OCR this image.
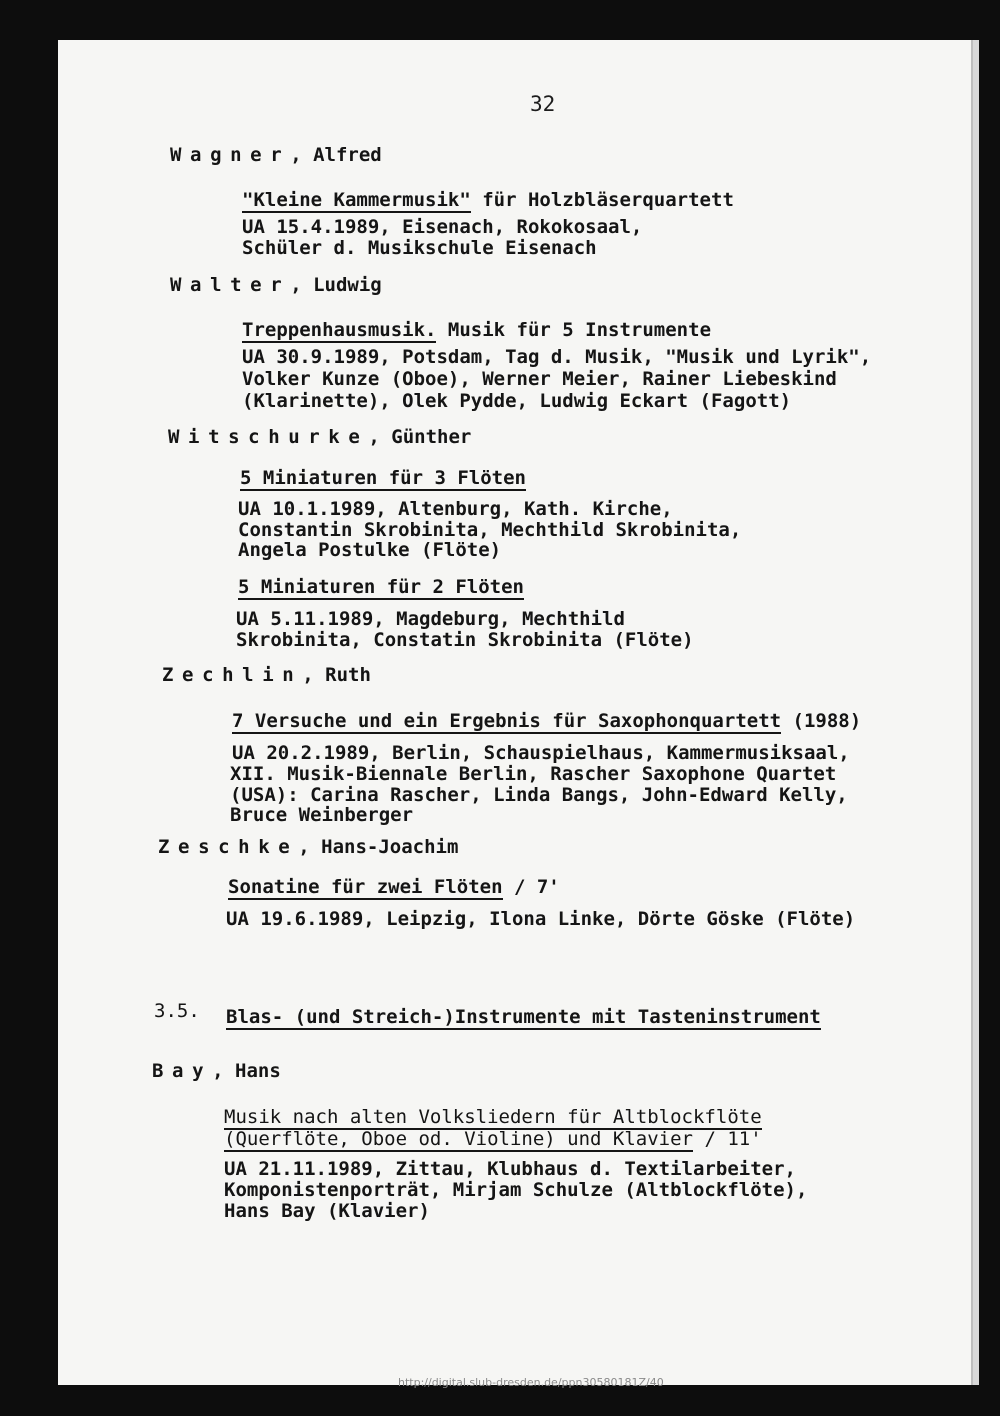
32
Wagner, Alfred
"Kleine Kammermusik" für Holzbläserquartett
UA 15.4.1989, Eisenach, Rokokosaal,
Schüler d. Musikschule Eisenach
Walter, Ludwig
Treppenhausmusik. Musik für 5 Instrumente
UA 30.9.1989, Potsdam, Tag d. Musik, "Musik und Lyrik",
Volker Kunze (Oboe), Werner Meier, Rainer Liebeskind
(Klarinette), Olek Pydde, Ludwig Eckart (Fagott)
Witschurke, Günther
5 Miniaturen für 3 Flöten
UA 10.1.1989, Altenburg, Kath. Kirche,
Constantin Skrobinita, Mechthild Skrobinita,
Angela Postulke (Flöte)
5 Miniaturen für 2 Flöten
UA 5.11.1989, Magdeburg, Mechthild
Skrobinita, Constatin Skrobinita (Flöte)
Zechlin, Ruth
7 Versuche und ein Ergebnis für Saxophonquartett (1988)
UA 20.2.1989, Berlin, Schauspielhaus, Kammermusiksaal,
XII. Musik-Biennale Berlin, Rascher Saxophone Quartet
(USA): Carina Rascher, Linda Bangs, John-Edward Kelly,
Bruce Weinberger
Zeschke, Hans-Joachim
Sonatine für zwei Flöten / 7'
UA 19.6.1989, Leipzig, Ilona Linke, Dörte Göske (Flöte)
3.5. Blas- (und Streich-)Instrumente mit Tasteninstrument
Bay, Hans
Musik nach alten Volksliedern für Altblockflöte
(Querflöte, Oboe od. Violine) und Klavier / 11'
UA 21.11.1989, Zittau, Klubhaus d. Textilarbeiter,
Komponistenporträt, Mirjam Schulze (Altblockflöte),
Hans Bay (Klavier)
http://digital.slub-dresden.de/ppn30580181Z/40
